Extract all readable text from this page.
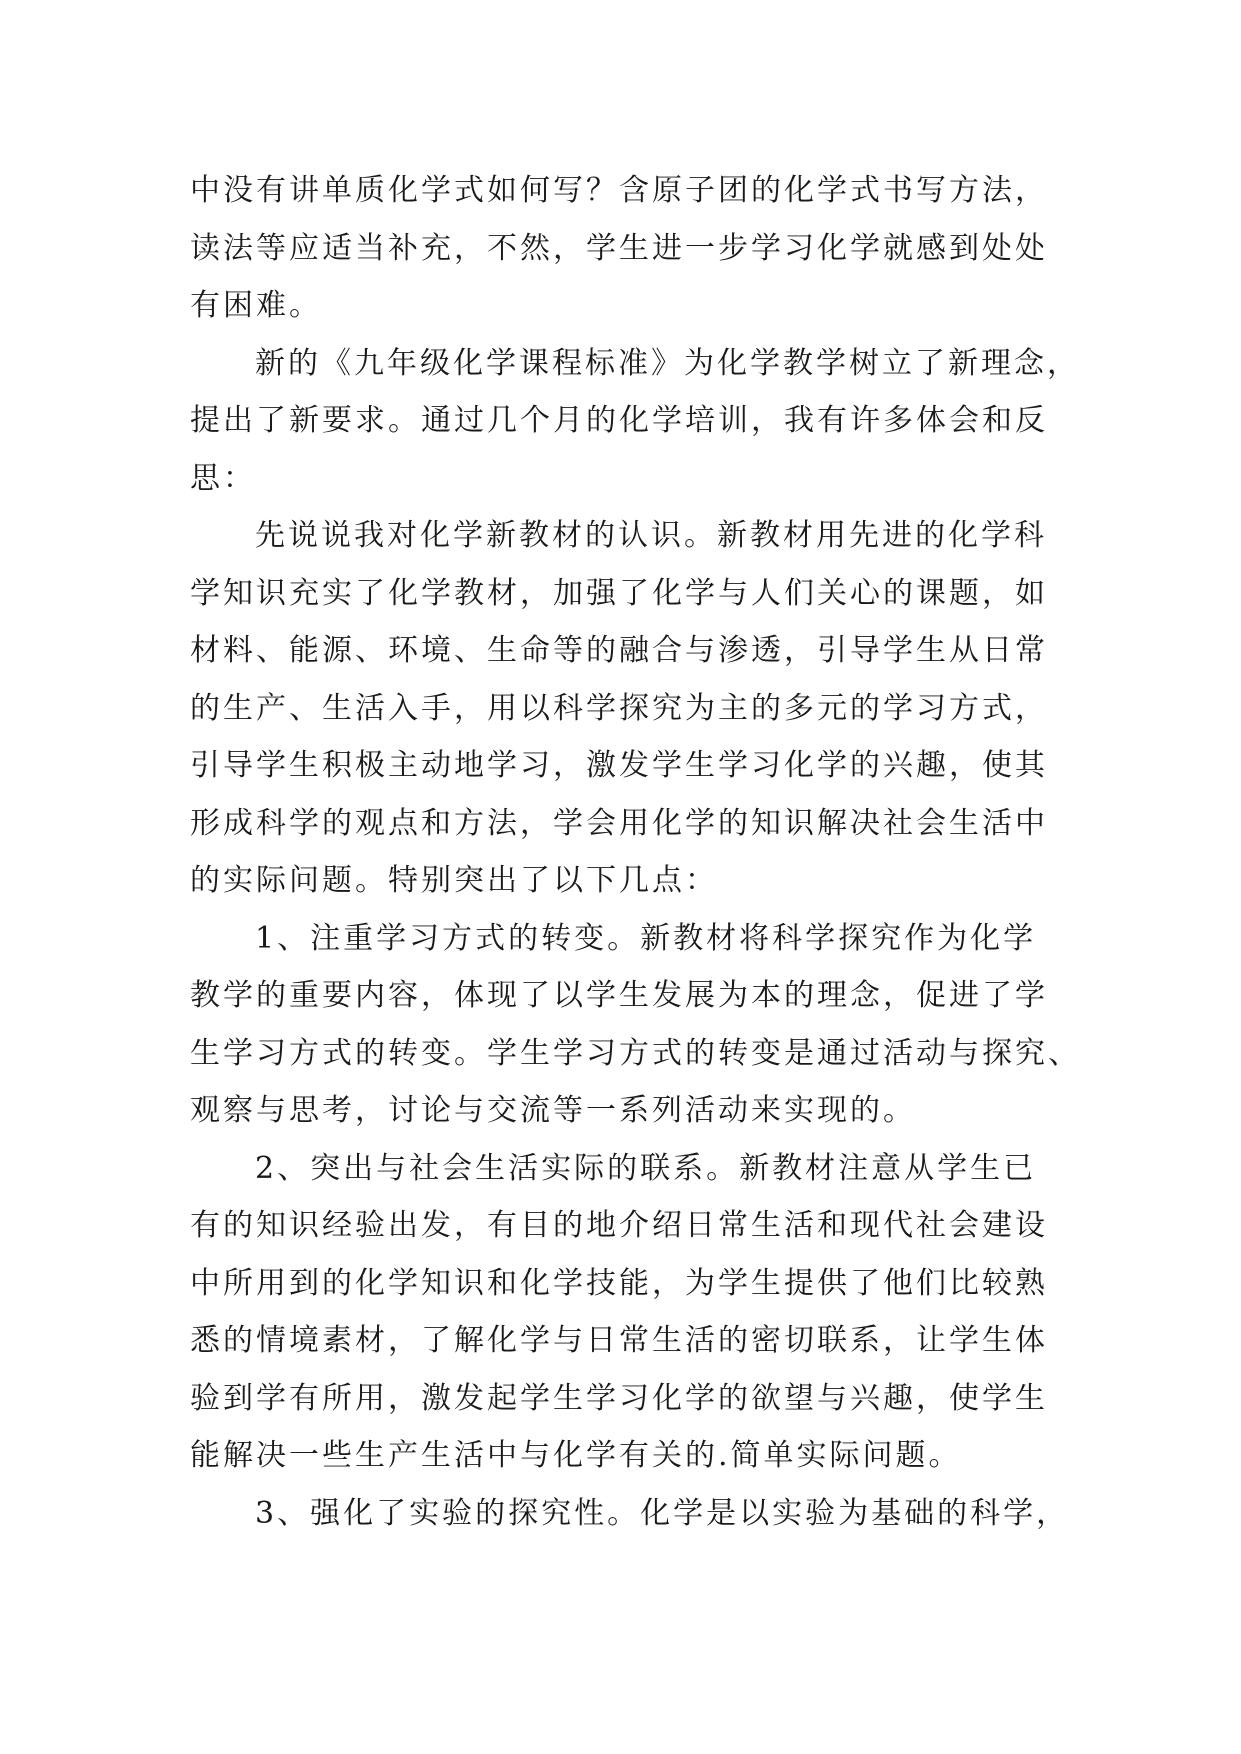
中没有讲单质化学式如何写？含原子团的化学式书写方法，
读法等应适当补充，不然，学生进一步学习化学就感到处处
有困难。
新的《九年级化学课程标准》为化学教学树立了新理念，
提出了新要求。通过几个月的化学培训，我有许多体会和反
思：
先说说我对化学新教材的认识。新教材用先进的化学科
学知识充实了化学教材，加强了化学与人们关心的课题，如
材料、能源、环境、生命等的融合与渗透，引导学生从日常
的生产、生活入手，用以科学探究为主的多元的学习方式，
引导学生积极主动地学习，激发学生学习化学的兴趣，使其
形成科学的观点和方法，学会用化学的知识解决社会生活中
的实际问题。特别突出了以下几点：
1、注重学习方式的转变。新教材将科学探究作为化学
教学的重要内容，体现了以学生发展为本的理念，促进了学
生学习方式的转变。学生学习方式的转变是通过活动与探究、
观察与思考，讨论与交流等一系列活动来实现的。
2、突出与社会生活实际的联系。新教材注意从学生已
有的知识经验出发，有目的地介绍日常生活和现代社会建设
中所用到的化学知识和化学技能，为学生提供了他们比较熟
悉的情境素材，了解化学与日常生活的密切联系，让学生体
验到学有所用，激发起学生学习化学的欲望与兴趣，使学生
能解决一些生产生活中与化学有关的.简单实际问题。
3、强化了实验的探究性。化学是以实验为基础的科学，
